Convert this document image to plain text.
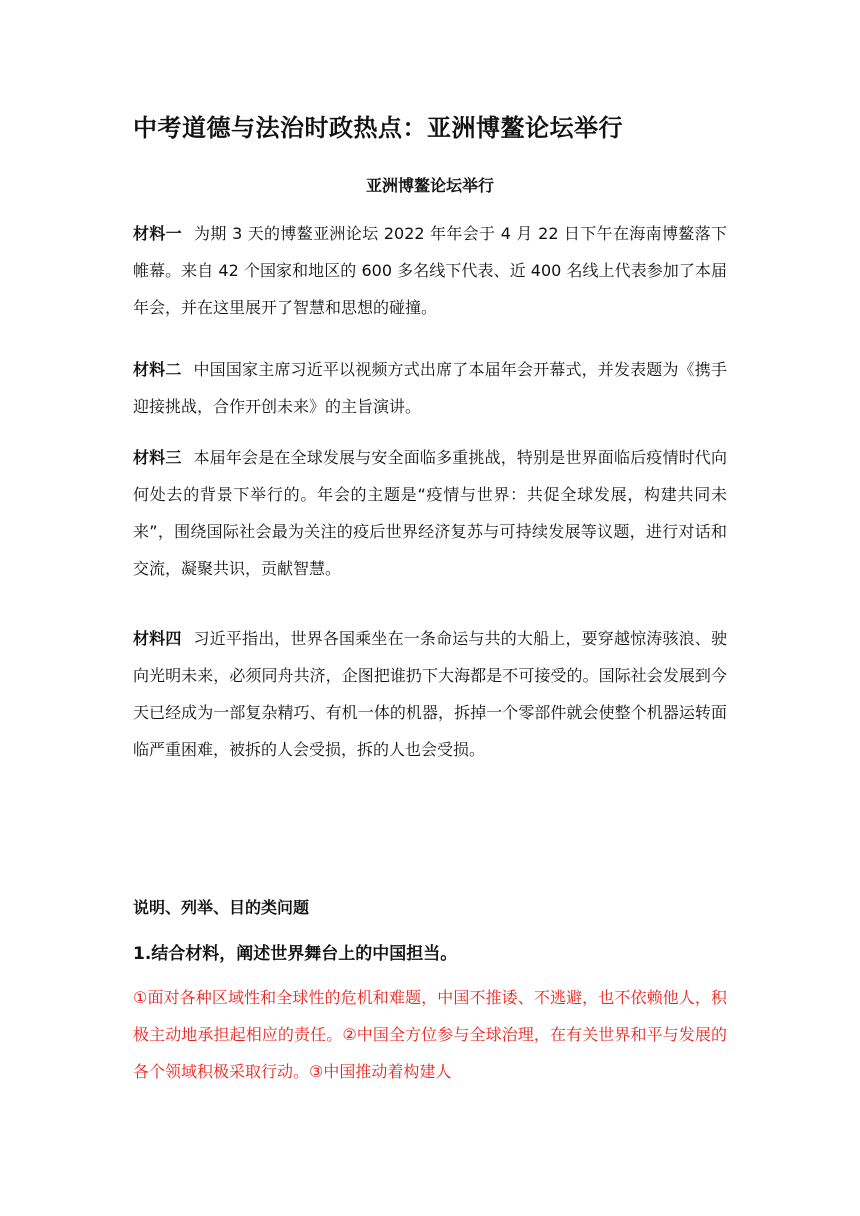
中考道德与法治时政热点：亚洲博鳌论坛举行
亚洲博鳌论坛举行
材料一 为期 3 天的博鳌亚洲论坛 2022 年年会于 4 月 22 日下午在海南博鳌落下帷幕。来自 42 个国家和地区的 600 多名线下代表、近 400 名线上代表参加了本届年会，并在这里展开了智慧和思想的碰撞。
材料二 中国国家主席习近平以视频方式出席了本届年会开幕式，并发表题为《携手迎接挑战，合作开创未来》的主旨演讲。
材料三 本届年会是在全球发展与安全面临多重挑战，特别是世界面临后疫情时代向何处去的背景下举行的。年会的主题是“疫情与世界：共促全球发展，构建共同未来”，围绕国际社会最为关注的疫后世界经济复苏与可持续发展等议题，进行对话和交流，凝聚共识，贡献智慧。
材料四 习近平指出，世界各国乘坐在一条命运与共的大船上，要穿越惊涛骇浪、驶向光明未来，必须同舟共济，企图把谁扔下大海都是不可接受的。国际社会发展到今天已经成为一部复杂精巧、有机一体的机器，拆掉一个零部件就会使整个机器运转面临严重困难，被拆的人会受损，拆的人也会受损。
说明、列举、目的类问题
1.结合材料，阐述世界舞台上的中国担当。
①面对各种区域性和全球性的危机和难题，中国不推诿、不逃避，也不依赖他人，积极主动地承担起相应的责任。②中国全方位参与全球治理，在有关世界和平与发展的各个领域积极采取行动。③中国推动着构建人
